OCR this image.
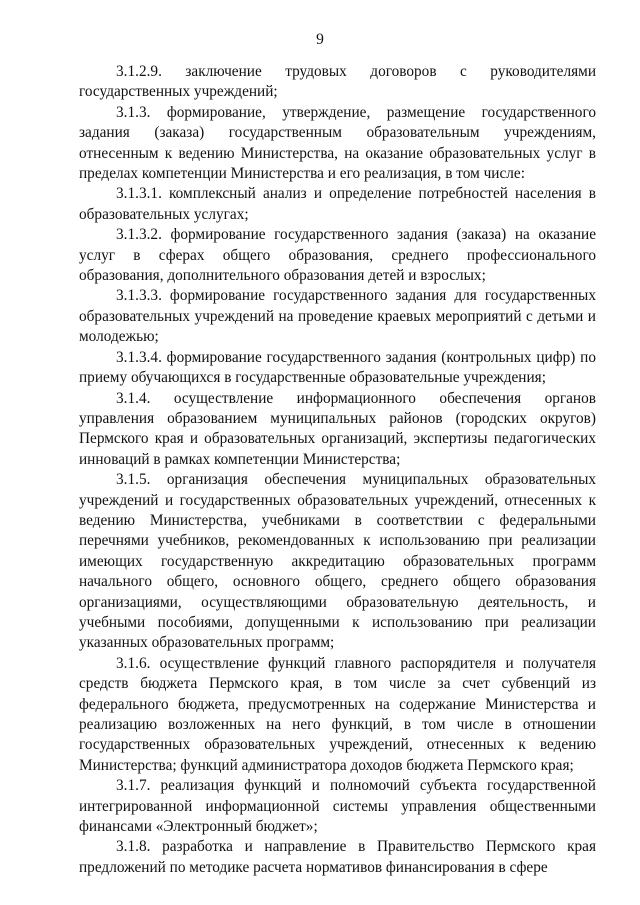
9

3.1.2.9. заключение трудовых договоров с руководителями государственных учреждений;

3.1.3. формирование, утверждение, размещение государственного задания (заказа) государственным образовательным учреждениям, отнесенным к ведению Министерства, на оказание образовательных услуг в пределах компетенции Министерства и его реализация, в том числе:

3.1.3.1. комплексный анализ и определение потребностей населения в образовательных услугах;

3.1.3.2. формирование государственного задания (заказа) на оказание услуг в сферах общего образования, среднего профессионального образования, дополнительного образования детей и взрослых;

3.1.3.3. формирование государственного задания для государственных образовательных учреждений на проведение краевых мероприятий с детьми и молодежью;

3.1.3.4. формирование государственного задания (контрольных цифр) по приему обучающихся в государственные образовательные учреждения;

3.1.4. осуществление информационного обеспечения органов управления образованием муниципальных районов (городских округов) Пермского края и образовательных организаций, экспертизы педагогических инноваций в рамках компетенции Министерства;

3.1.5. организация обеспечения муниципальных образовательных учреждений и государственных образовательных учреждений, отнесенных к ведению Министерства, учебниками в соответствии с федеральными перечнями учебников, рекомендованных к использованию при реализации имеющих государственную аккредитацию образовательных программ начального общего, основного общего, среднего общего образования организациями, осуществляющими образовательную деятельность, и учебными пособиями, допущенными к использованию при реализации указанных образовательных программ;

3.1.6. осуществление функций главного распорядителя и получателя средств бюджета Пермского края, в том числе за счет субвенций из федерального бюджета, предусмотренных на содержание Министерства и реализацию возложенных на него функций, в том числе в отношении государственных образовательных учреждений, отнесенных к ведению Министерства; функций администратора доходов бюджета Пермского края;

3.1.7. реализация функций и полномочий субъекта государственной интегрированной информационной системы управления общественными финансами «Электронный бюджет»;

3.1.8. разработка и направление в Правительство Пермского края предложений по методике расчета нормативов финансирования в сфере
